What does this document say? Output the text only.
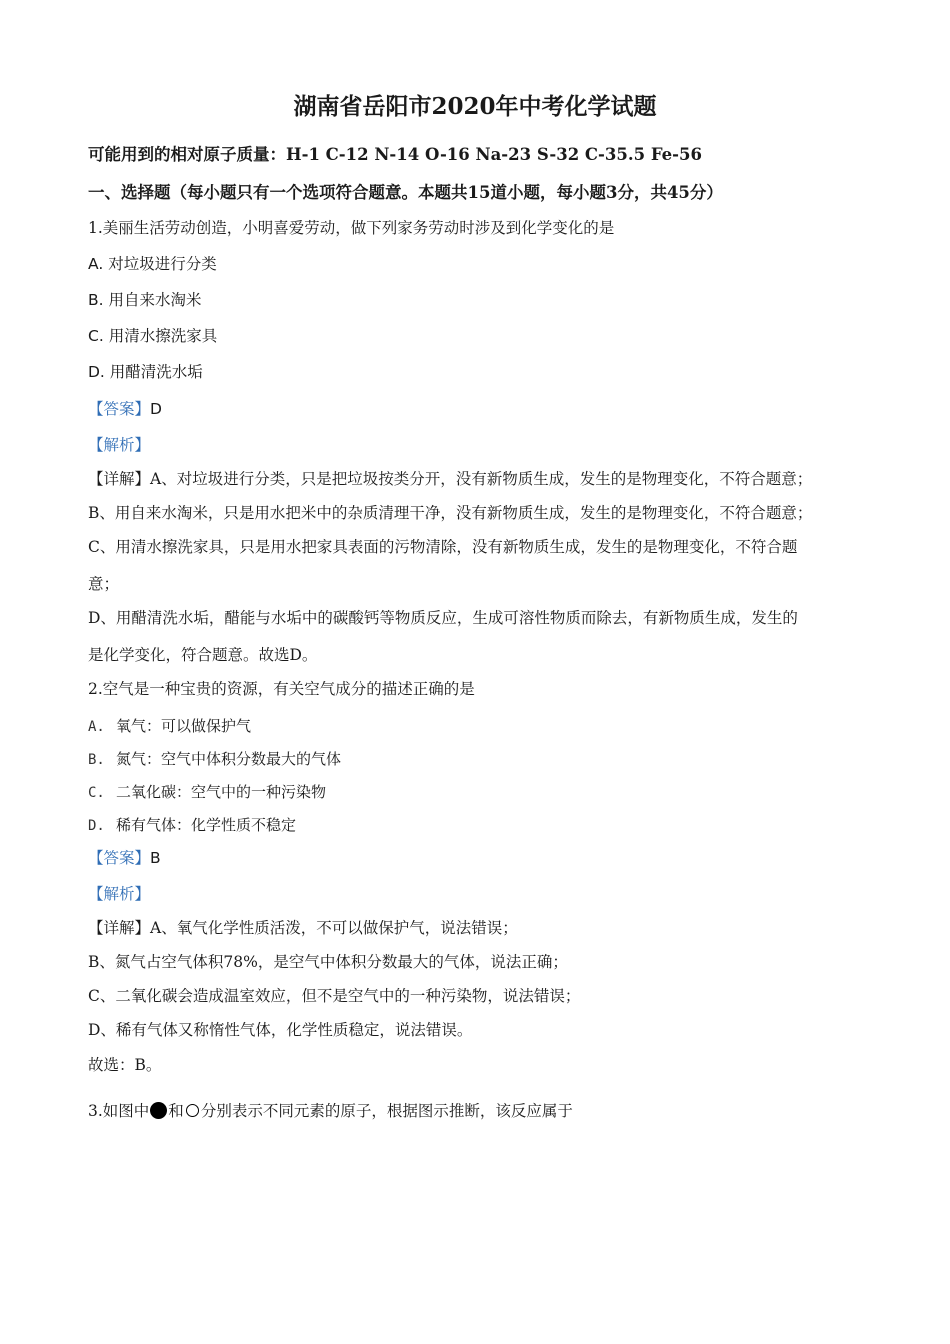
湖南省岳阳市2020年中考化学试题
可能用到的相对原子质量：H-1 C-12 N-14 O-16 Na-23 S-32 C-35.5 Fe-56
一、选择题（每小题只有一个选项符合题意。本题共15道小题，每小题3分，共45分）
1.美丽生活劳动创造，小明喜爱劳动，做下列家务劳动时涉及到化学变化的是
A. 对垃圾进行分类
B. 用自来水淘米
C. 用清水擦洗家具
D. 用醋清洗水垢
【答案】D
【解析】
【详解】A、对垃圾进行分类，只是把垃圾按类分开，没有新物质生成，发生的是物理变化，不符合题意；
B、用自来水淘米，只是用水把米中的杂质清理干净，没有新物质生成，发生的是物理变化，不符合题意；
C、用清水擦洗家具，只是用水把家具表面的污物清除，没有新物质生成，发生的是物理变化，不符合题
意；
D、用醋清洗水垢，醋能与水垢中的碳酸钙等物质反应，生成可溶性物质而除去，有新物质生成，发生的
是化学变化，符合题意。故选D。
2.空气是一种宝贵的资源，有关空气成分的描述正确的是
A. 氧气：可以做保护气
B. 氮气：空气中体积分数最大的气体
C. 二氧化碳：空气中的一种污染物
D. 稀有气体：化学性质不稳定
【答案】B
【解析】
【详解】A、氧气化学性质活泼，不可以做保护气，说法错误；
B、氮气占空气体积78%，是空气中体积分数最大的气体，说法正确；
C、二氧化碳会造成温室效应，但不是空气中的一种污染物，说法错误；
D、稀有气体又称惰性气体，化学性质稳定，说法错误。
故选：B。
3.如图中 和 分别表示不同元素的原子，根据图示推断，该反应属于
